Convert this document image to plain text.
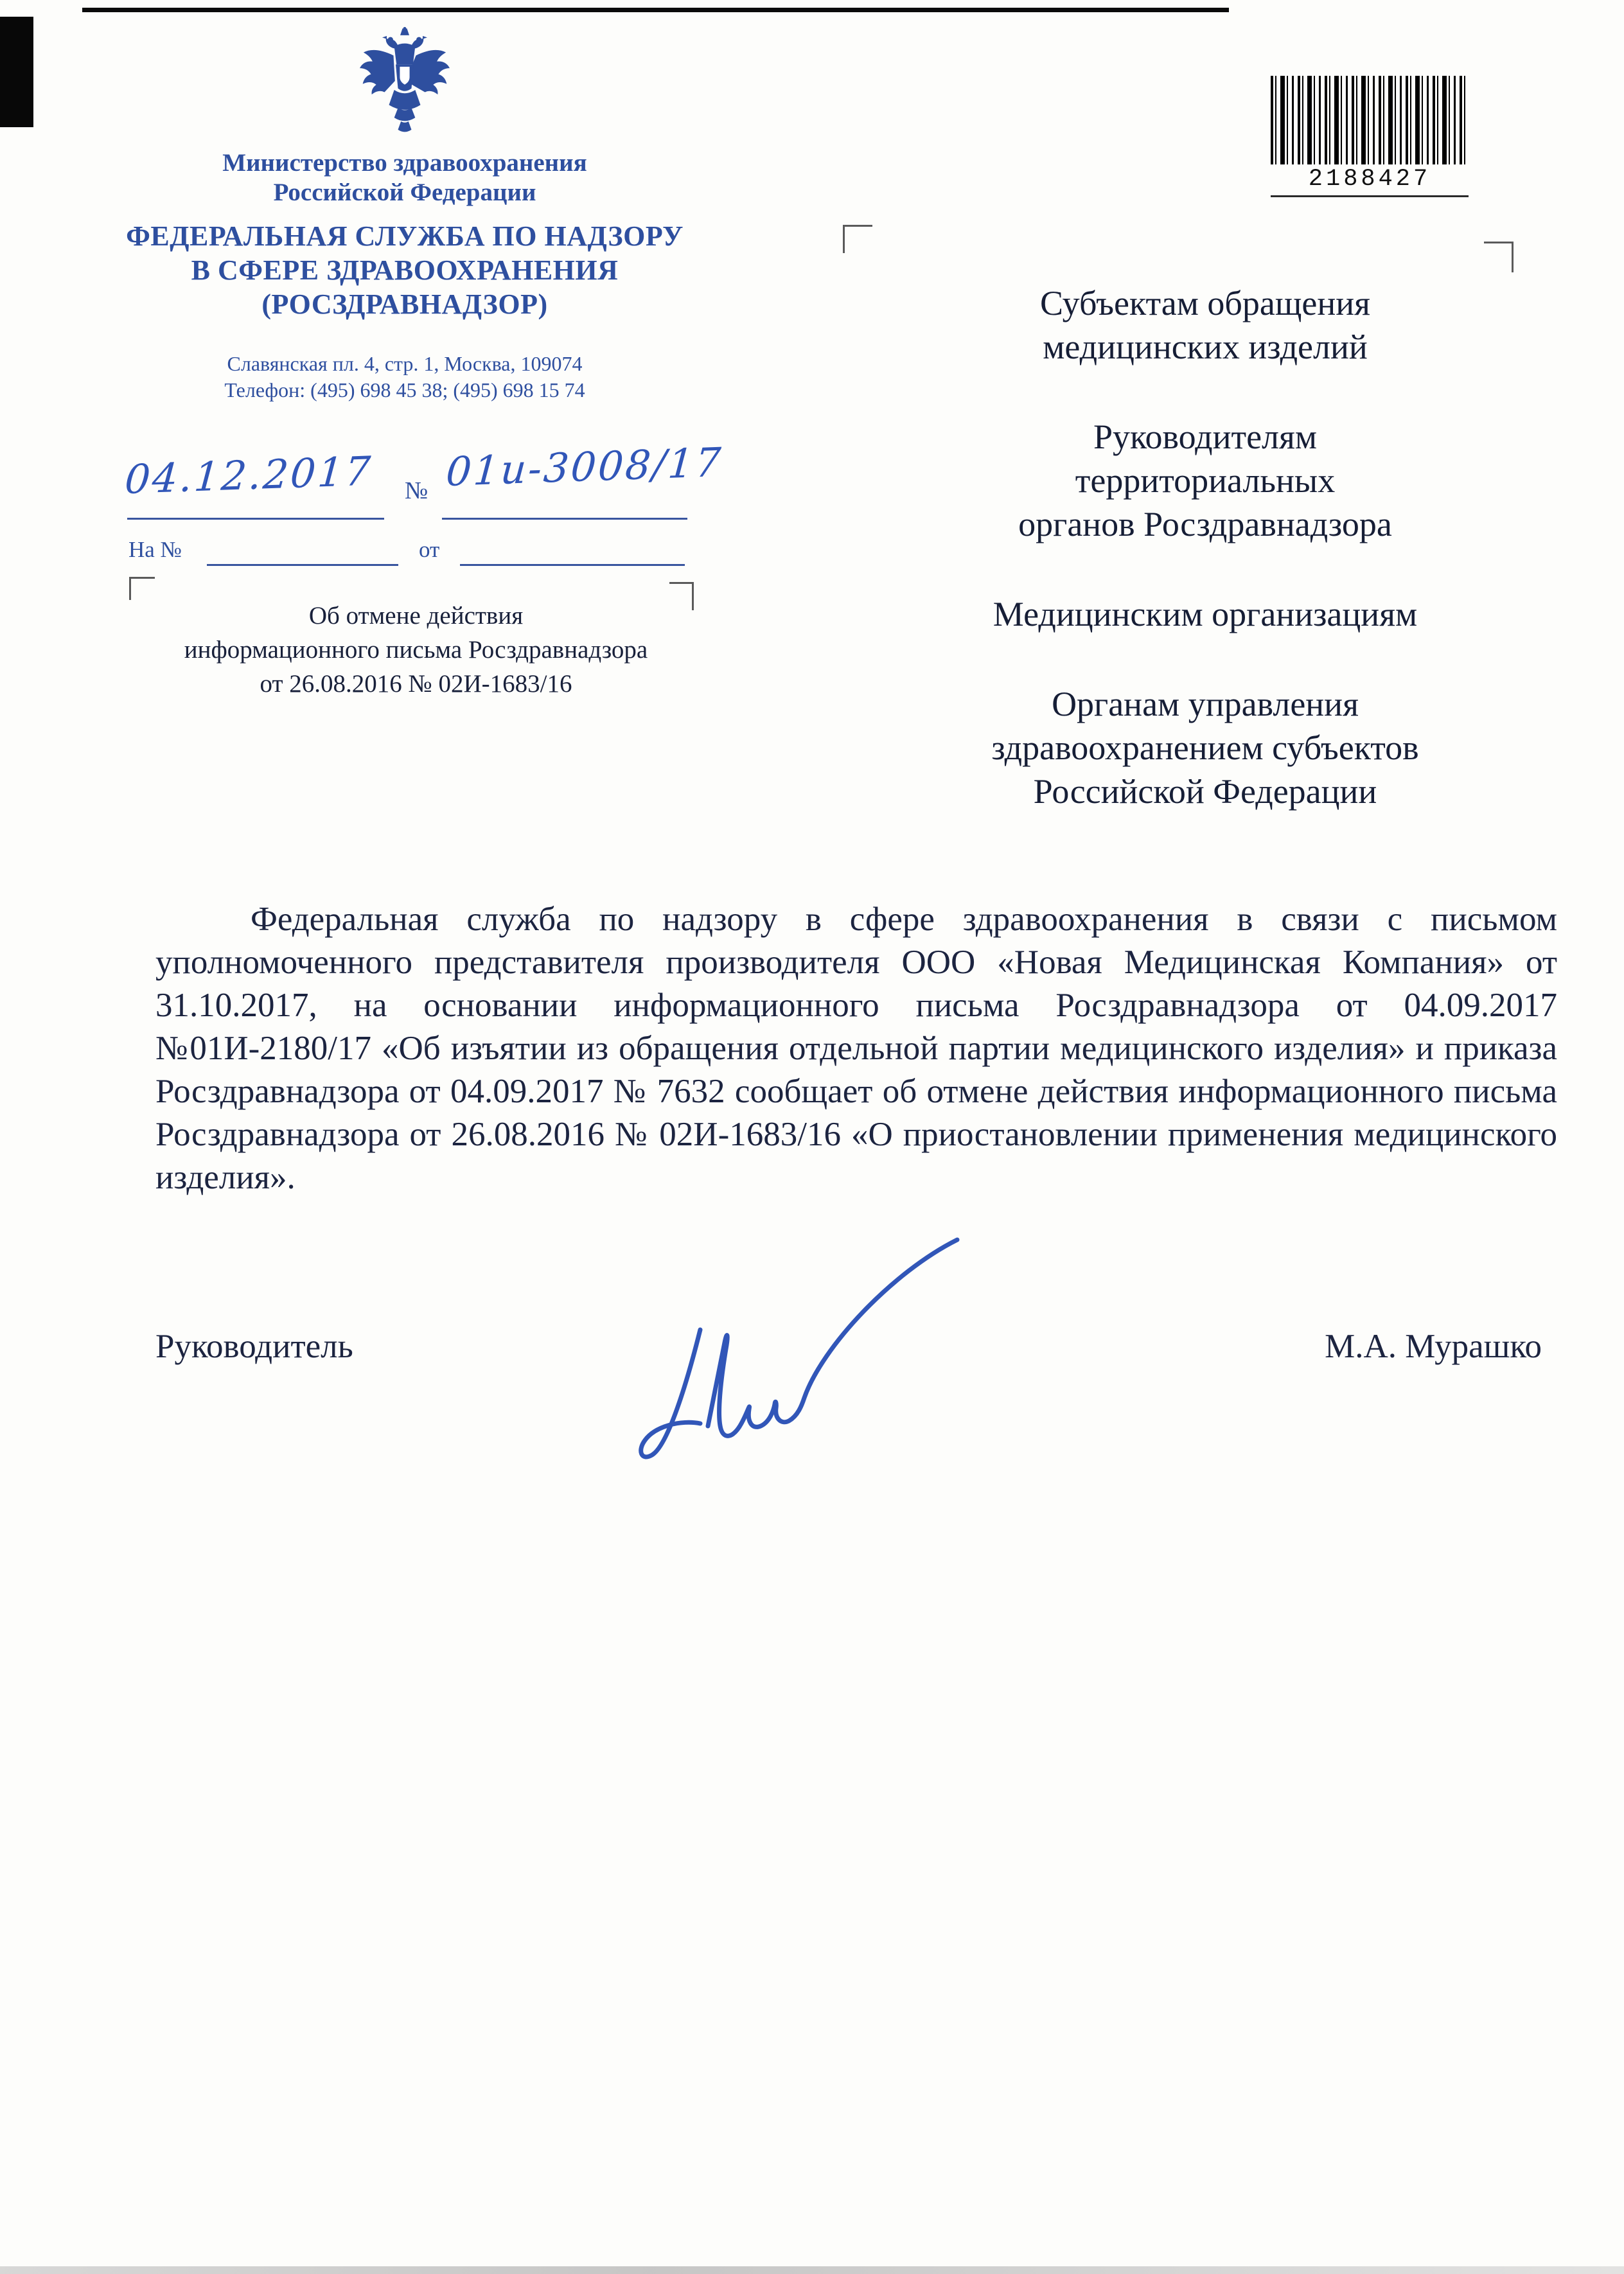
Министерство здравоохранения
Российской Федерации
ФЕДЕРАЛЬНАЯ СЛУЖБА ПО НАДЗОРУ
В СФЕРЕ ЗДРАВООХРАНЕНИЯ
(РОСЗДРАВНАДЗОР)
Славянская пл. 4, стр. 1, Москва, 109074
Телефон: (495) 698 45 38; (495) 698 15 74
04.12.2017 № 01и-3008/17
На №	от
Об отмене действия
информационного письма Росздравнадзора
от 26.08.2016 № 02И-1683/16
2188427
Субъектам обращения
медицинских изделий
Руководителям
территориальных
органов Росздравнадзора
Медицинским организациям
Органам управления
здравоохранением субъектов
Российской Федерации

Федеральная служба по надзору в сфере здравоохранения в связи с письмом уполномоченного представителя производителя ООО «Новая Медицинская Компания» от 31.10.2017, на основании информационного письма Росздравнадзора от 04.09.2017 №01И-2180/17 «Об изъятии из обращения отдельной партии медицинского изделия» и приказа Росздравнадзора от 04.09.2017 № 7632 сообщает об отмене действия информационного письма Росздравнадзора от 26.08.2016 № 02И-1683/16 «О приостановлении применения медицинского изделия».

Руководитель	М.А. Мурашко
